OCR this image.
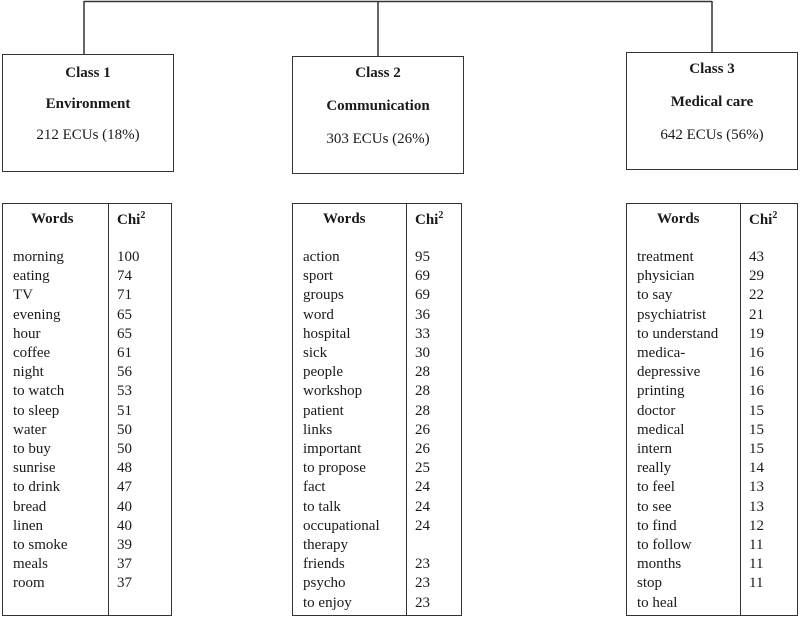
Class 1
Environment
212 ECUs (18%)
Class 2
Communication
303 ECUs (26%)
Class 3
Medical care
642 ECUs (56%)
Words	Chi$^2$

morning	100
eating	74
TV	71
evening	65
hour	65
coffee	61
night	56
to watch	53
to sleep	51
water	50
to buy	50
sunrise	48
to drink	47
bread	40
linen	40
to smoke	39
meals	37
room	37

Words	Chi$^2$

action	95
sport	69
groups	69
word	36
hospital	33
sick	30
people	28
workshop	28
patient	28
links	26
important	26
to propose	25
fact	24
to talk	24
occupational	24
therapy	
friends	23
psycho	23
to enjoy	23

Words	Chi$^2$

treatment	43
physician	29
to say	22
psychiatrist	21
to understand	19
medica-	16
depressive	16
printing	16
doctor	15
medical	15
intern	15
really	14
to feel	13
to see	13
to find	12
to follow	11
months	11
stop	11
to heal	
